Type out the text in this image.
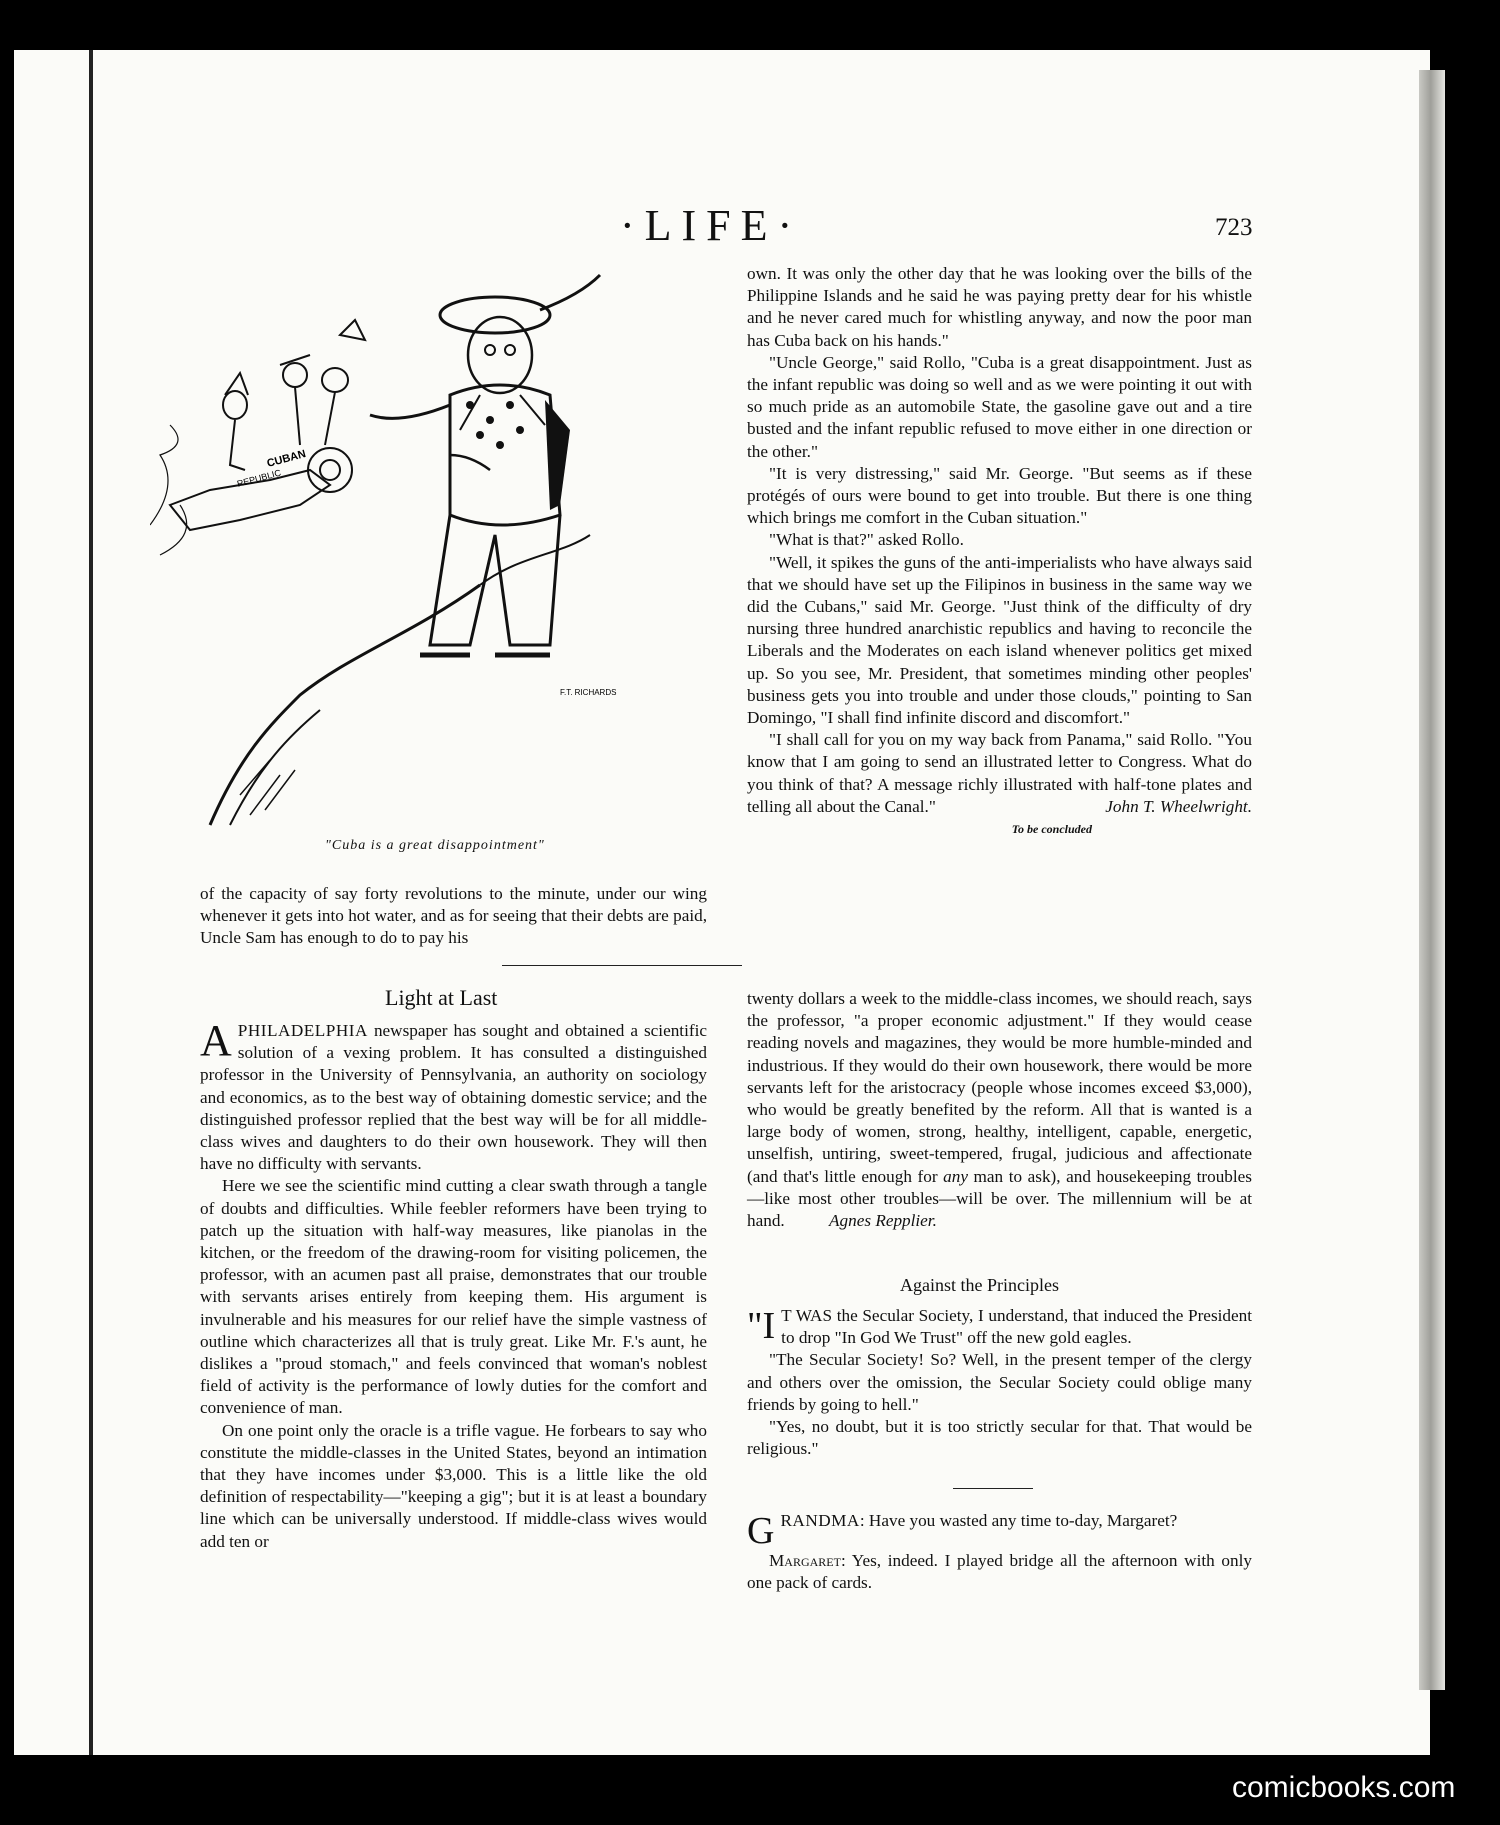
·LIFE·	723
CUBAN
REPUBLIC
F.T. RICHARDS
"Cuba is a great disappointment"

of the capacity of say forty revolutions to the minute, under our wing whenever it gets into hot water, and as for seeing that their debts are paid, Uncle Sam has enough to do to pay his

own. It was only the other day that he was looking over the bills of the Philippine Islands and he said he was paying pretty dear for his whistle and he never cared much for whistling anyway, and now the poor man has Cuba back on his hands."

"Uncle George," said Rollo, "Cuba is a great disappointment. Just as the infant republic was doing so well and as we were pointing it out with so much pride as an automobile State, the gasoline gave out and a tire busted and the infant republic refused to move either in one direction or the other."

"It is very distressing," said Mr. George. "But seems as if these protégés of ours were bound to get into trouble. But there is one thing which brings me comfort in the Cuban situation."

"What is that?" asked Rollo.

"Well, it spikes the guns of the anti-imperialists who have always said that we should have set up the Filipinos in business in the same way we did the Cubans," said Mr. George. "Just think of the difficulty of dry nursing three hundred anarchistic republics and having to reconcile the Liberals and the Moderates on each island whenever politics get mixed up. So you see, Mr. President, that sometimes minding other peoples' business gets you into trouble and under those clouds," pointing to San Domingo, "I shall find infinite discord and discomfort."

"I shall call for you on my way back from Panama," said Rollo. "You know that I am going to send an illustrated letter to Congress. What do you think of that? A message richly illustrated with half-tone plates and telling all about the Canal."	John T. Wheelwright.

To be concluded
Light at Last

APHILADELPHIA newspaper has sought and obtained a scientific solution of a vexing problem. It has consulted a distinguished professor in the University of Pennsylvania, an authority on sociology and economics, as to the best way of obtaining domestic service; and the distinguished professor replied that the best way will be for all middle-class wives and daughters to do their own housework. They will then have no difficulty with servants.

Here we see the scientific mind cutting a clear swath through a tangle of doubts and difficulties. While feebler reformers have been trying to patch up the situation with half-way measures, like pianolas in the kitchen, or the freedom of the drawing-room for visiting policemen, the professor, with an acumen past all praise, demonstrates that our trouble with servants arises entirely from keeping them. His argument is invulnerable and his measures for our relief have the simple vastness of outline which characterizes all that is truly great. Like Mr. F.'s aunt, he dislikes a "proud stomach," and feels convinced that woman's noblest field of activity is the performance of lowly duties for the comfort and convenience of man.

On one point only the oracle is a trifle vague. He forbears to say who constitute the middle-classes in the United States, beyond an intimation that they have incomes under $3,000. This is a little like the old definition of respectability—"keeping a gig"; but it is at least a boundary line which can be universally understood. If middle-class wives would add ten or

twenty dollars a week to the middle-class incomes, we should reach, says the professor, "a proper economic adjustment." If they would cease reading novels and magazines, they would be more humble-minded and industrious. If they would do their own housework, there would be more servants left for the aristocracy (people whose incomes exceed $3,000), who would be greatly benefited by the reform. All that is wanted is a large body of women, strong, healthy, intelligent, capable, energetic, unselfish, untiring, sweet-tempered, frugal, judicious and affectionate (and that's little enough for any man to ask), and housekeeping troubles—like most other troubles—will be over. The millennium will be at hand.	Agnes Repplier.

Against the Principles

"I T WAS the Secular Society, I understand, that induced the President to drop "In God We Trust" off the new gold eagles.

"The Secular Society! So? Well, in the present temper of the clergy and others over the omission, the Secular Society could oblige many friends by going to hell."

"Yes, no doubt, but it is too strictly secular for that. That would be religious."

GRANDMA: Have you wasted any time to-day, Margaret?

Margaret: Yes, indeed. I played bridge all the afternoon with only one pack of cards.

comicbooks.com
